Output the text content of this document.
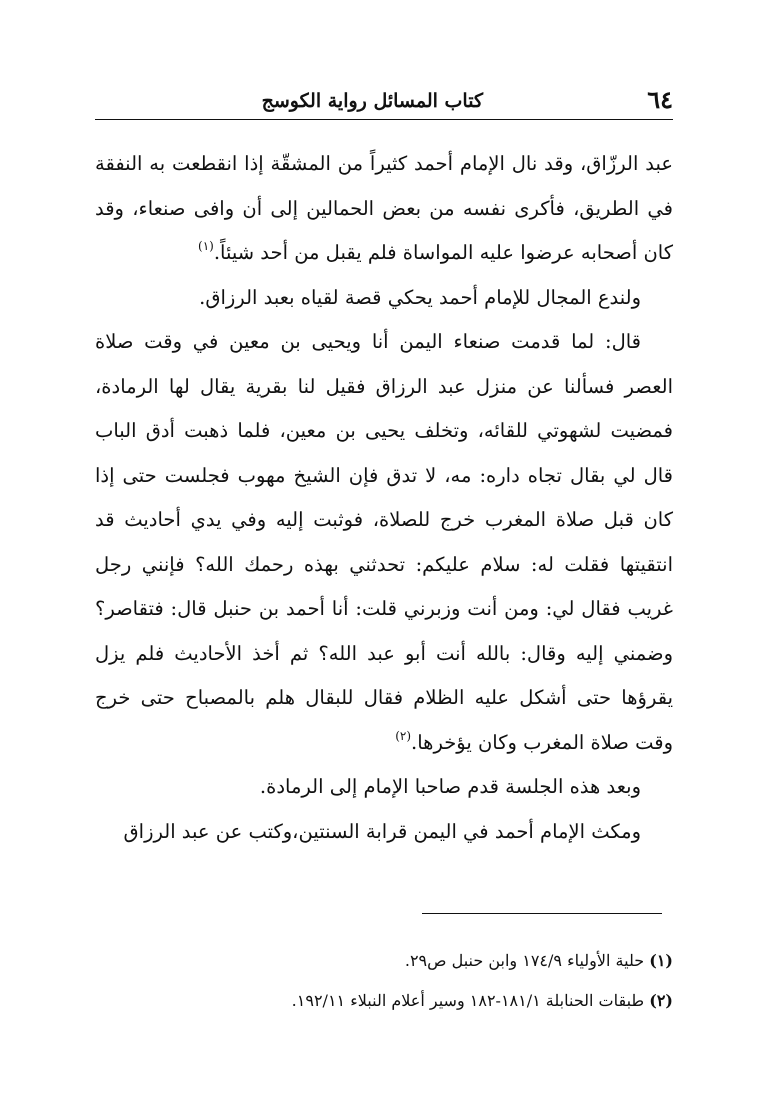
٦٤
كتاب المسائل رواية الكوسج

عبد الرزّاق، وقد نال الإمام أحمد كثيراً من المشقّة إذا انقطعت به النفقة في الطريق، فأكرى نفسه من بعض الحمالين إلى أن وافى صنعاء، وقد كان أصحابه عرضوا عليه المواساة فلم يقبل من أحد شيئاً.$^{(١)}$

ولندع المجال للإمام أحمد يحكي قصة لقياه بعبد الرزاق.

قال: لما قدمت صنعاء اليمن أنا ويحيى بن معين في وقت صلاة العصر فسألنا عن منزل عبد الرزاق فقيل لنا بقرية يقال لها الرمادة، فمضيت لشهوتي للقائه، وتخلف يحيى بن معين، فلما ذهبت أدق الباب قال لي بقال تجاه داره: مه، لا تدق فإن الشيخ مهوب فجلست حتى إذا كان قبل صلاة المغرب خرج للصلاة، فوثبت إليه وفي يدي أحاديث قد انتقيتها فقلت له: سلام عليكم: تحدثني بهذه رحمك الله؟ فإنني رجل غريب فقال لي: ومن أنت وزبرني قلت: أنا أحمد بن حنبل قال: فتقاصر؟ وضمني إليه وقال: بالله أنت أبو عبد الله؟ ثم أخذ الأحاديث فلم يزل يقرؤها حتى أشكل عليه الظلام فقال للبقال هلم بالمصباح حتى خرج وقت صلاة المغرب وكان يؤخرها.$^{(٢)}$

وبعد هذه الجلسة قدم صاحبا الإمام إلى الرمادة.

ومكث الإمام أحمد في اليمن قرابة السنتين،وكتب عن عبد الرزاق

(١) حلية الأولياء ١٧٤/٩ وابن حنبل ص٢٩.

(٢) طبقات الحنابلة ١٨١/١-١٨٢ وسير أعلام النبلاء ١٩٢/١١.
